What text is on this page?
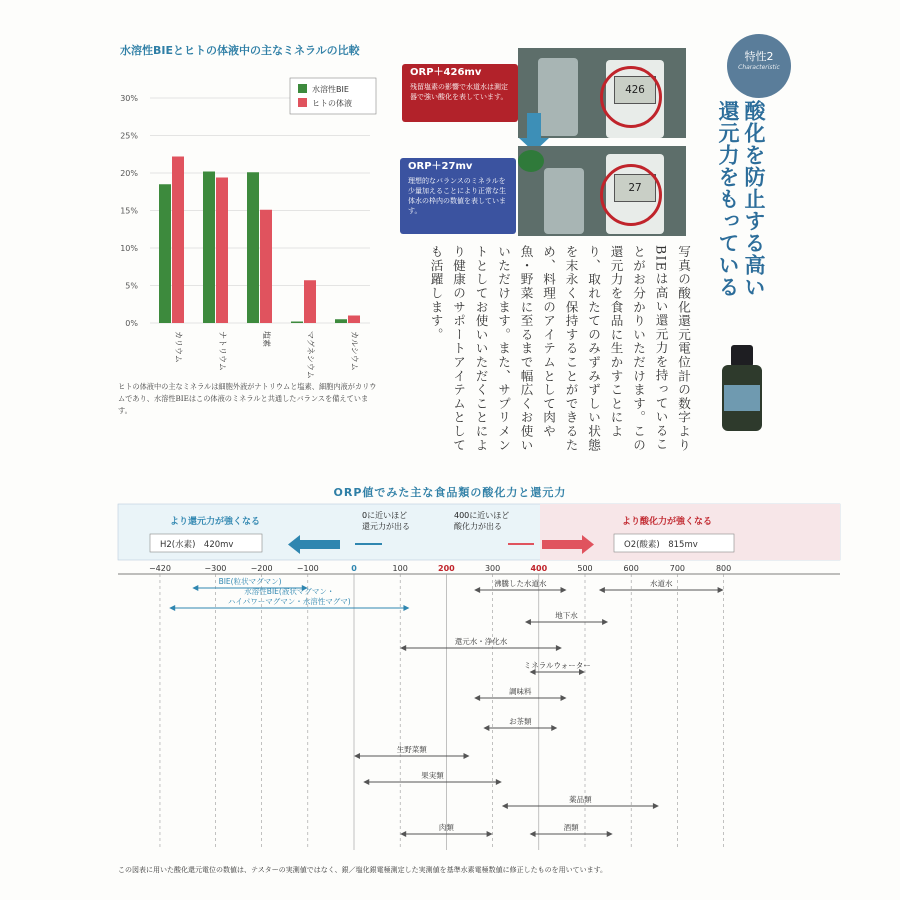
水溶性BIEとヒトの体液中の主なミネラルの比較
0%
5%
10%
15%
20%
25%
30%
カリウム	ナトリウム	塩素	マグネシウム	カルシウム
水溶性BIE
ヒトの体液
ヒトの体液中の主なミネラルは細胞外液がナトリウムと塩素、細胞内液がカリウムであり、水溶性BIEはこの体液のミネラルと共通したバランスを備えています。
426
ORP＋426mv
残留塩素の影響で水道水は測定器で強い酸化を表しています。
27
ORP＋27mv
理想的なバランスのミネラルを少量加えることにより正常な生体水の枠内の数値を表しています。
特性2
Characteristic
酸化を防止する高い
還元力をもっている
写真の酸化還元電位計の数字よりBIEは高い還元力を持っていることがお分かりいただけます。この還元力を食品に生かすことにより、取れたてのみずみずしい状態を末永く保持することができるため、料理のアイテムとして肉や魚・野菜に至るまで幅広くお使いいただけます。また、サプリメントとしてお使いいただくことにより健康のサポートアイテムとしても活躍します。
ORP値でみた主な食品類の酸化力と還元力
より還元力が強くなる	より酸化力が強くなる
H2(水素)　420mv	O2(酸素)　815mv
0に近いほど
還元力が出る
400に近いほど
酸化力が出る
−420	−300	−200	−100	0	100	200	300	400	500	600	700	800
BIE(粒状マグマン)
水溶性BIE(液状マグマン・
ハイパワーマグマン・水溶性マグマ)
沸騰した水道水	水道水
地下水
還元水・浄化水
ミネラルウォーター
調味料
お茶類
生野菜類
果実類
薬品類
肉類	酒類
この図表に用いた酸化還元電位の数値は、テスターの実測値ではなく、銀／塩化銀電極測定した実測値を基準水素電極数値に修正したものを用いています。
